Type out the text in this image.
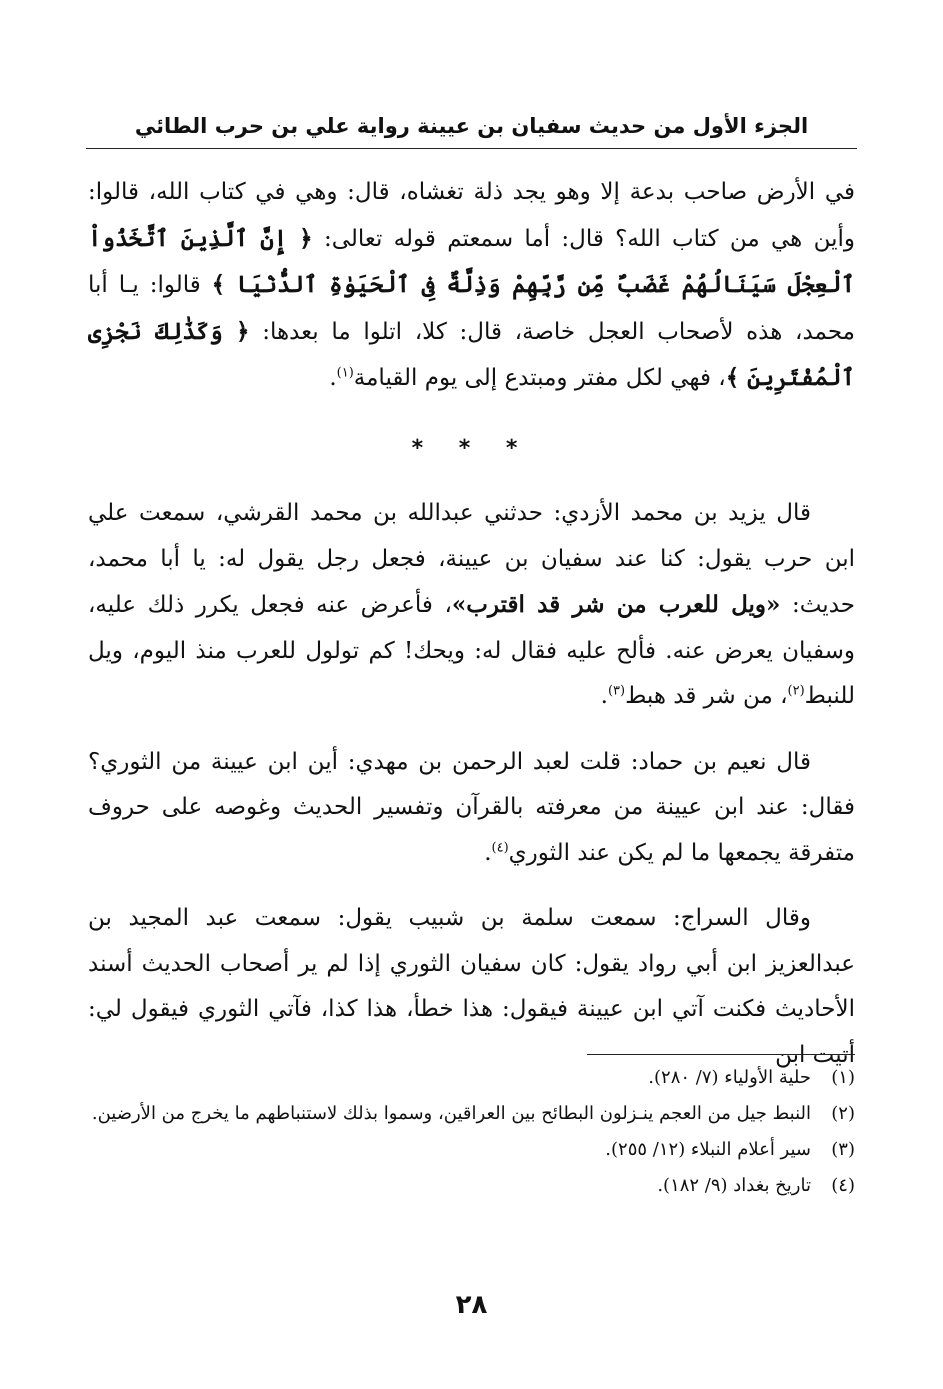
الجزء الأول من حديث سفيان بن عيينة رواية علي بن حرب الطائي

في الأرض صاحب بدعة إلا وهو يجد ذلة تغشاه، قال: وهي في كتاب الله، قالوا: وأين هي من كتاب الله؟ قال: أما سمعتم قوله تعالى: ﴿ إِنَّ ٱلَّذِينَ ٱتَّخَذُواْ ٱلْعِجْلَ سَيَنَالُهُمْ غَضَبٌ مِّن رَّبِّهِمْ وَذِلَّةٌ فِى ٱلْحَيَوٰةِ ٱلدُّنْيَا ﴾ قالوا: يـا أبا محمد، هذه لأصحاب العجل خاصة، قال: كلا، اتلوا ما بعدها: ﴿ وَكَذَٰلِكَ نَجْزِى ٱلْمُفْتَرِينَ ﴾، فهي لكل مفتر ومبتدع إلى يوم القيامة$^{(١)}$.

* * *

قال يزيد بن محمد الأزدي: حدثني عبدالله بن محمد القرشي، سمعت علي ابن حرب يقول: كنا عند سفيان بن عيينة، فجعل رجل يقول له: يا أبا محمد، حديث: «ويل للعرب من شر قد اقترب»، فأعرض عنه فجعل يكرر ذلك عليه، وسفيان يعرض عنه. فألح عليه فقال له: ويحك! كم تولول للعرب منذ اليوم، ويل للنبط$^{(٢)}$، من شر قد هبط$^{(٣)}$.

قال نعيم بن حماد: قلت لعبد الرحمن بن مهدي: أين ابن عيينة من الثوري؟ فقال: عند ابن عيينة من معرفته بالقرآن وتفسير الحديث وغوصه على حروف متفرقة يجمعها ما لم يكن عند الثوري$^{(٤)}$.

وقال السراج: سمعت سلمة بن شبيب يقول: سمعت عبد المجيد بن عبدالعزيز ابن أبي رواد يقول: كان سفيان الثوري إذا لم ير أصحاب الحديث أسند الأحاديث فكنت آتي ابن عيينة فيقول: هذا خطأ، هذا كذا، فآتي الثوري فيقول لي: أتيت ابن

(١)
حلية الأولياء (٧/ ٢٨٠).

(٢)
النبط جيل من العجم ينـزلون البطائح بين العراقين، وسموا بذلك لاستنباطهم ما يخرج من الأرضين.

(٣)
سير أعلام النبلاء (١٢/ ٢٥٥).

(٤)
تاريخ بغداد (٩/ ١٨٢).

٢٨
